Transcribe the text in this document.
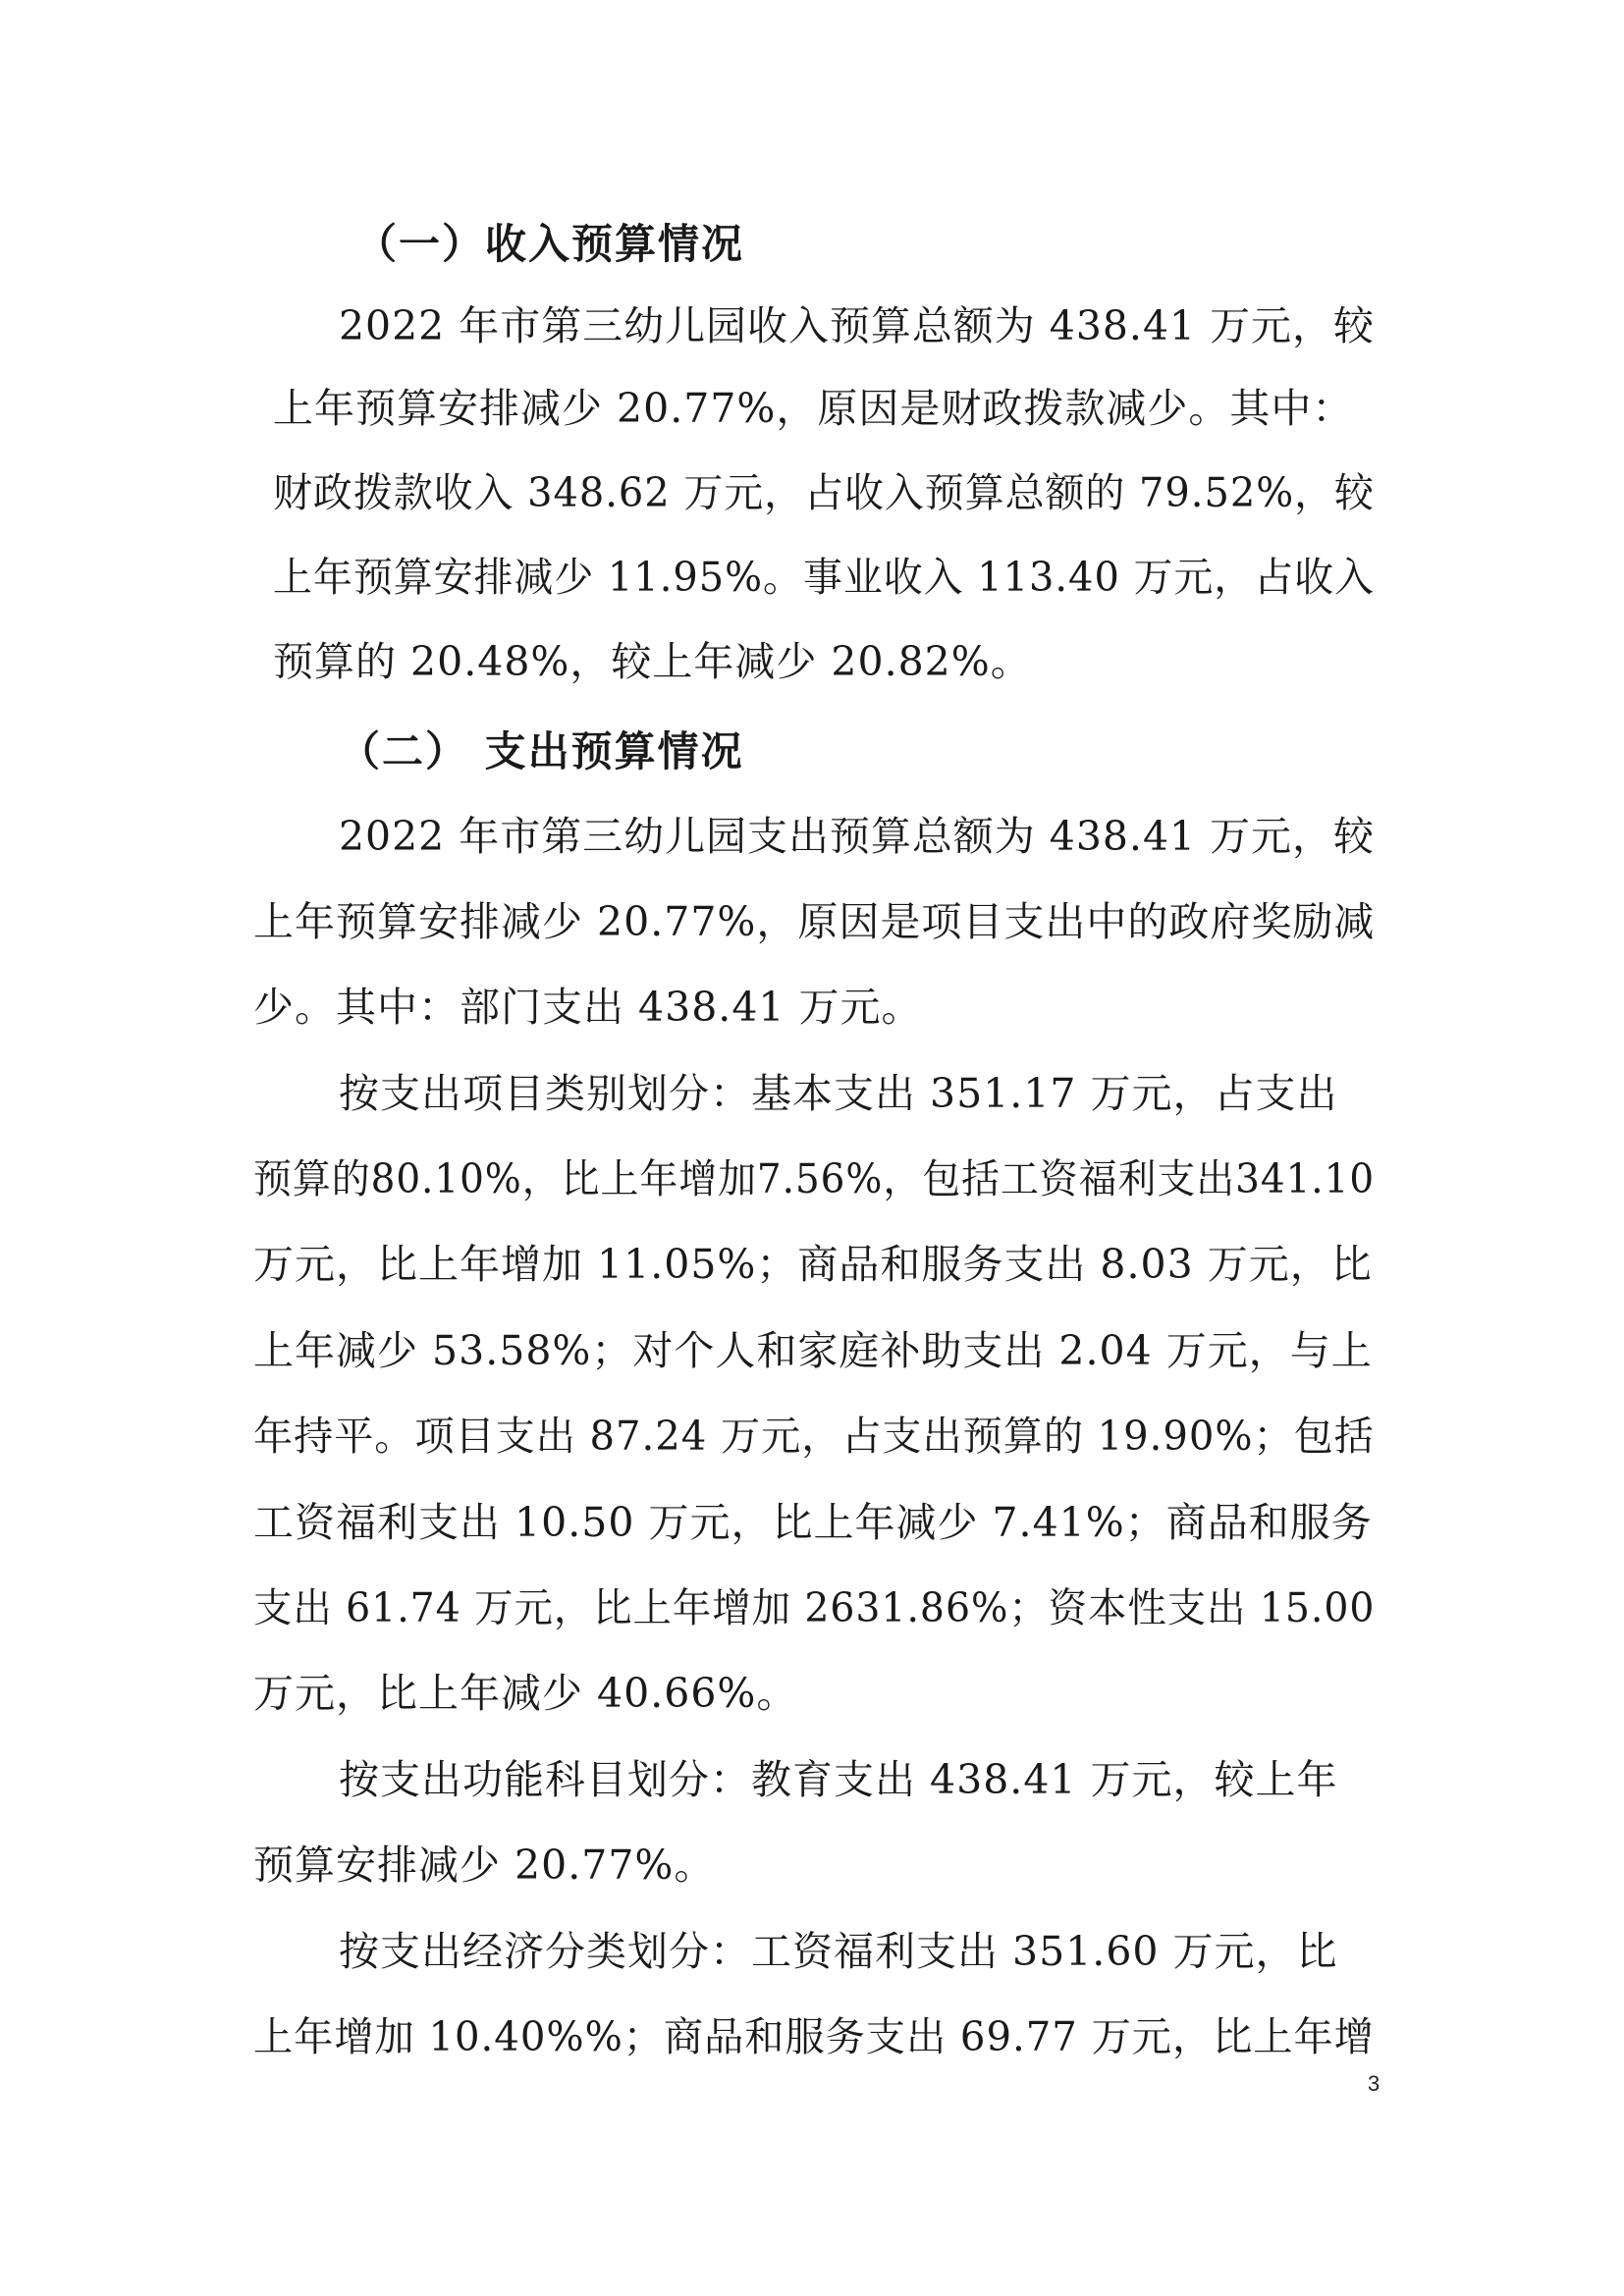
（一）收入预算情况
2022 年市第三幼儿园收入预算总额为 438.41 万元，较
上年预算安排减少 20.77%，原因是财政拨款减少。其中：
财政拨款收入 348.62 万元，占收入预算总额的 79.52%，较
上年预算安排减少 11.95%。事业收入 113.40 万元，占收入
预算的 20.48%，较上年减少 20.82%。
（二） 支出预算情况
2022 年市第三幼儿园支出预算总额为 438.41 万元，较
上年预算安排减少 20.77%，原因是项目支出中的政府奖励减
少。其中：部门支出 438.41 万元。
按支出项目类别划分：基本支出 351.17 万元，占支出
预算的80.10%，比上年增加7.56%，包括工资福利支出341.10
万元，比上年增加 11.05%；商品和服务支出 8.03 万元，比
上年减少 53.58%；对个人和家庭补助支出 2.04 万元，与上
年持平。项目支出 87.24 万元，占支出预算的 19.90%；包括
工资福利支出 10.50 万元，比上年减少 7.41%；商品和服务
支出 61.74 万元，比上年增加 2631.86%；资本性支出 15.00
万元，比上年减少 40.66%。
按支出功能科目划分：教育支出 438.41 万元，较上年
预算安排减少 20.77%。
按支出经济分类划分：工资福利支出 351.60 万元，比
上年增加 10.40%%；商品和服务支出 69.77 万元，比上年增
3
